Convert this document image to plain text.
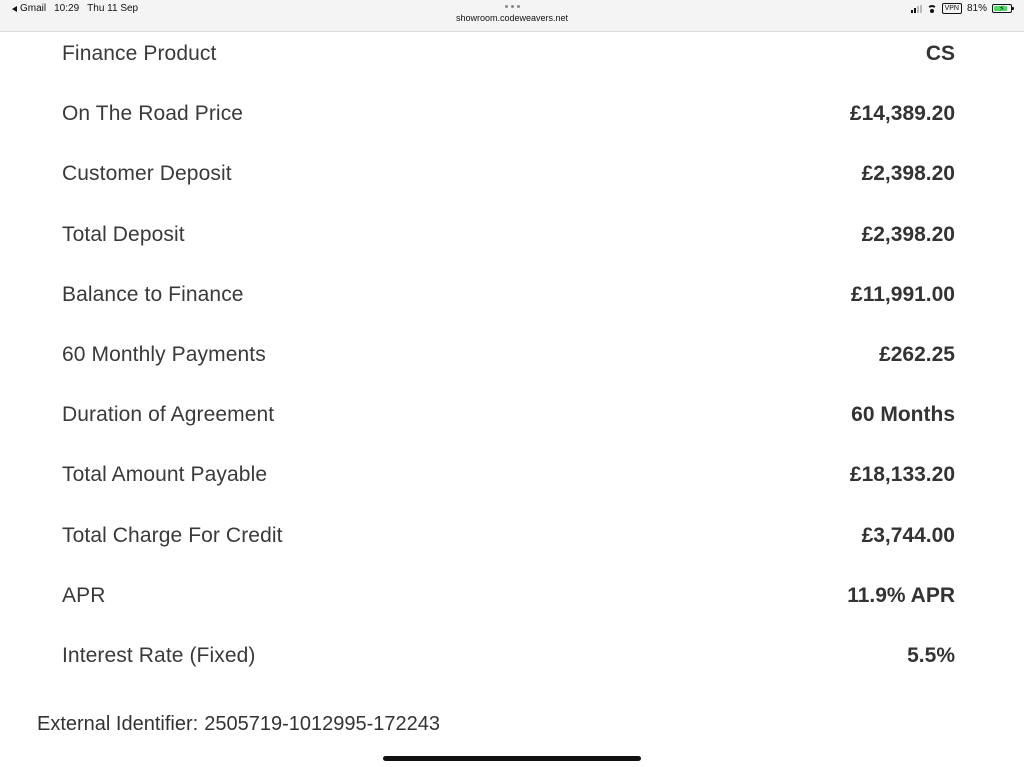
Gmail 10:29 Thu 11 Sep
showroom.codeweavers.net
VPN 81% ⚡
Finance Product	CS
On The Road Price	£14,389.20
Customer Deposit	£2,398.20
Total Deposit	£2,398.20
Balance to Finance	£11,991.00
60 Monthly Payments	£262.25
Duration of Agreement	60 Months
Total Amount Payable	£18,133.20
Total Charge For Credit	£3,744.00
APR	11.9% APR
Interest Rate (Fixed)	5.5%
External Identifier: 2505719-1012995-172243
